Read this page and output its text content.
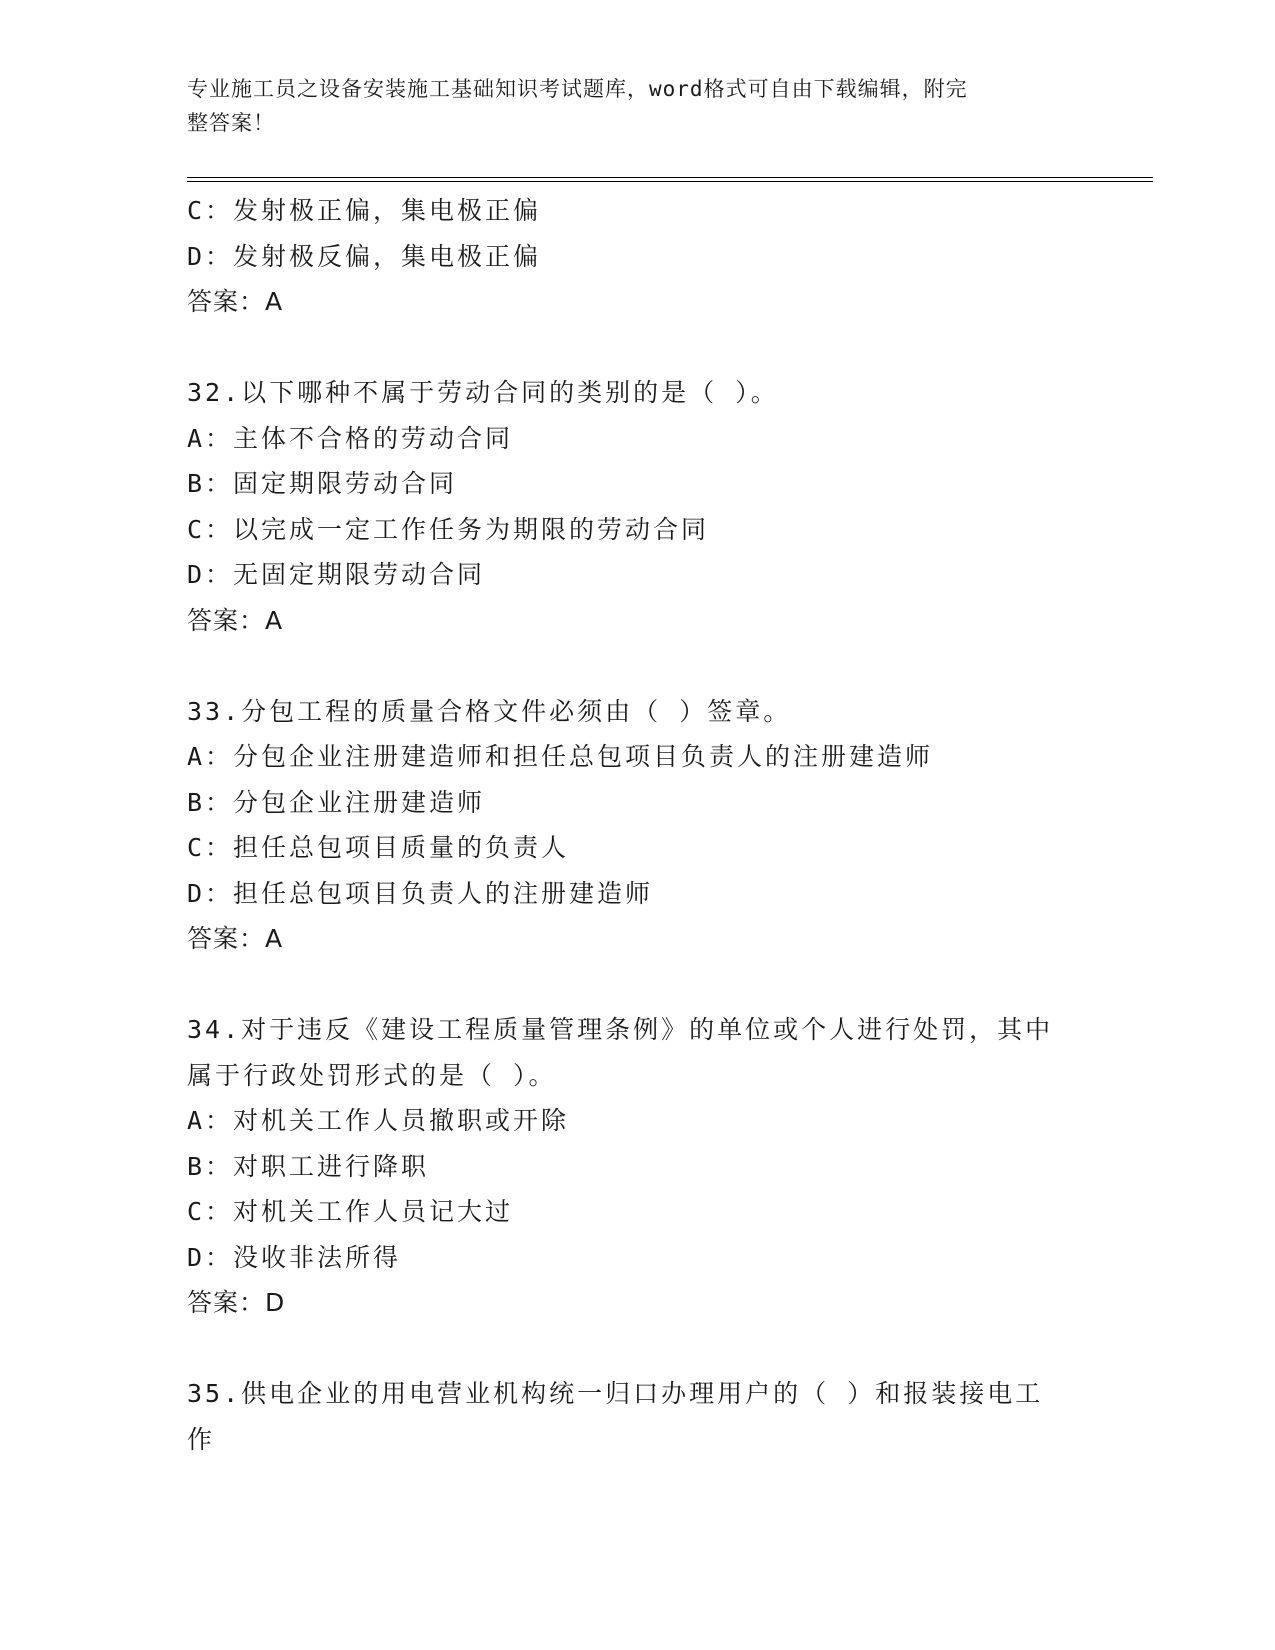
专业施工员之设备安装施工基础知识考试题库，word格式可自由下载编辑，附完
整答案！
C：发射极正偏，集电极正偏
D：发射极反偏，集电极正偏
答案：A
32.以下哪种不属于劳动合同的类别的是（ ）。
A：主体不合格的劳动合同
B：固定期限劳动合同
C：以完成一定工作任务为期限的劳动合同
D：无固定期限劳动合同
答案：A
33.分包工程的质量合格文件必须由（ ）签章。
A：分包企业注册建造师和担任总包项目负责人的注册建造师
B：分包企业注册建造师
C：担任总包项目质量的负责人
D：担任总包项目负责人的注册建造师
答案：A
34.对于违反《建设工程质量管理条例》的单位或个人进行处罚，其中
属于行政处罚形式的是（ ）。
A：对机关工作人员撤职或开除
B：对职工进行降职
C：对机关工作人员记大过
D：没收非法所得
答案：D
35.供电企业的用电营业机构统一归口办理用户的（ ）和报装接电工
作
